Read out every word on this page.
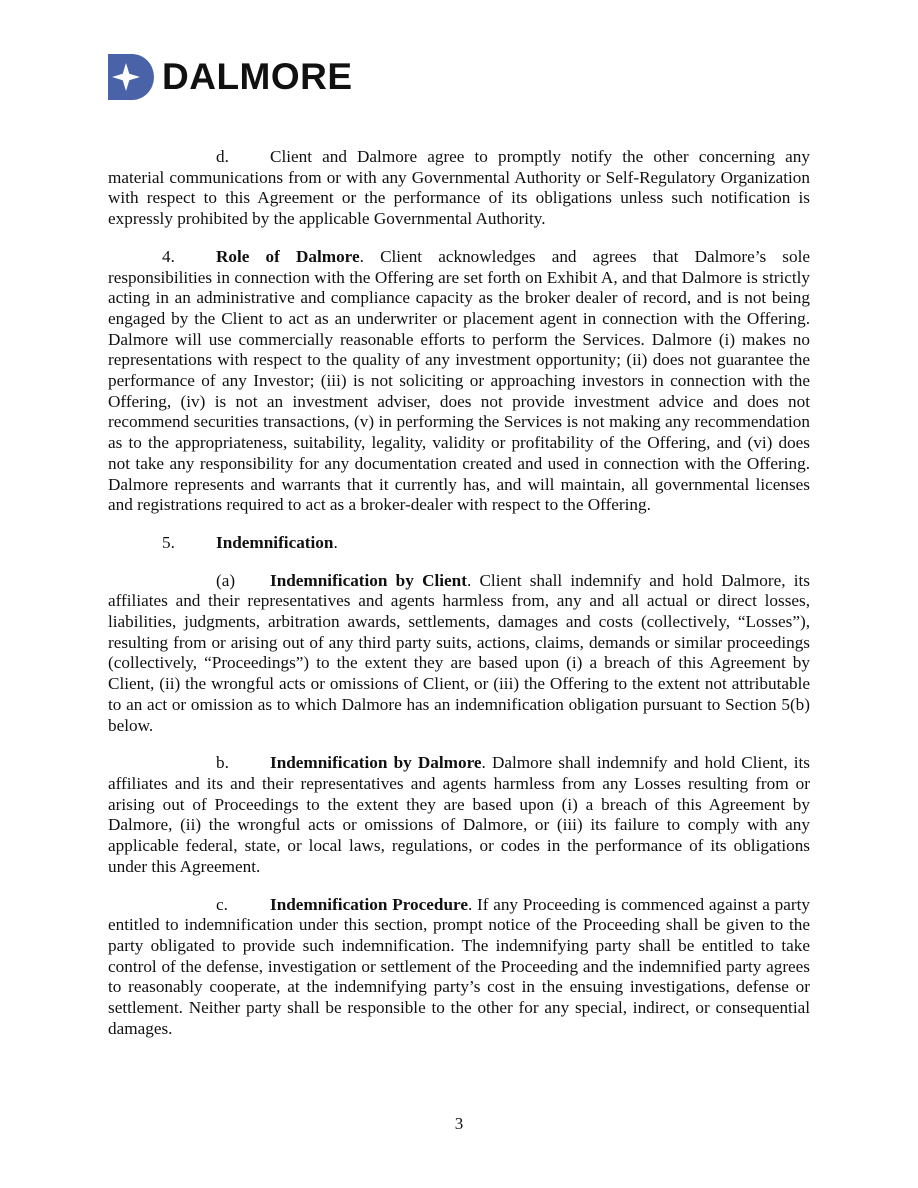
DALMORE

d. Client and Dalmore agree to promptly notify the other concerning any material communications from or with any Governmental Authority or Self-Regulatory Organization with respect to this Agreement or the performance of its obligations unless such notification is expressly prohibited by the applicable Governmental Authority.

4. Role of Dalmore. Client acknowledges and agrees that Dalmore’s sole responsibilities in connection with the Offering are set forth on Exhibit A, and that Dalmore is strictly acting in an administrative and compliance capacity as the broker dealer of record, and is not being engaged by the Client to act as an underwriter or placement agent in connection with the Offering. Dalmore will use commercially reasonable efforts to perform the Services. Dalmore (i) makes no representations with respect to the quality of any investment opportunity; (ii) does not guarantee the performance of any Investor; (iii) is not soliciting or approaching investors in connection with the Offering, (iv) is not an investment adviser, does not provide investment advice and does not recommend securities transactions, (v) in performing the Services is not making any recommendation as to the appropriateness, suitability, legality, validity or profitability of the Offering, and (vi) does not take any responsibility for any documentation created and used in connection with the Offering. Dalmore represents and warrants that it currently has, and will maintain, all governmental licenses and registrations required to act as a broker-dealer with respect to the Offering.

5. Indemnification.

(a) Indemnification by Client. Client shall indemnify and hold Dalmore, its affiliates and their representatives and agents harmless from, any and all actual or direct losses, liabilities, judgments, arbitration awards, settlements, damages and costs (collectively, “Losses”), resulting from or arising out of any third party suits, actions, claims, demands or similar proceedings (collectively, “Proceedings”) to the extent they are based upon (i) a breach of this Agreement by Client, (ii) the wrongful acts or omissions of Client, or (iii) the Offering to the extent not attributable to an act or omission as to which Dalmore has an indemnification obligation pursuant to Section 5(b) below.

b. Indemnification by Dalmore. Dalmore shall indemnify and hold Client, its affiliates and its and their representatives and agents harmless from any Losses resulting from or arising out of Proceedings to the extent they are based upon (i) a breach of this Agreement by Dalmore, (ii) the wrongful acts or omissions of Dalmore, or (iii) its failure to comply with any applicable federal, state, or local laws, regulations, or codes in the performance of its obligations under this Agreement.

c. Indemnification Procedure. If any Proceeding is commenced against a party entitled to indemnification under this section, prompt notice of the Proceeding shall be given to the party obligated to provide such indemnification. The indemnifying party shall be entitled to take control of the defense, investigation or settlement of the Proceeding and the indemnified party agrees to reasonably cooperate, at the indemnifying party’s cost in the ensuing investigations, defense or settlement. Neither party shall be responsible to the other for any special, indirect, or consequential damages.

3
